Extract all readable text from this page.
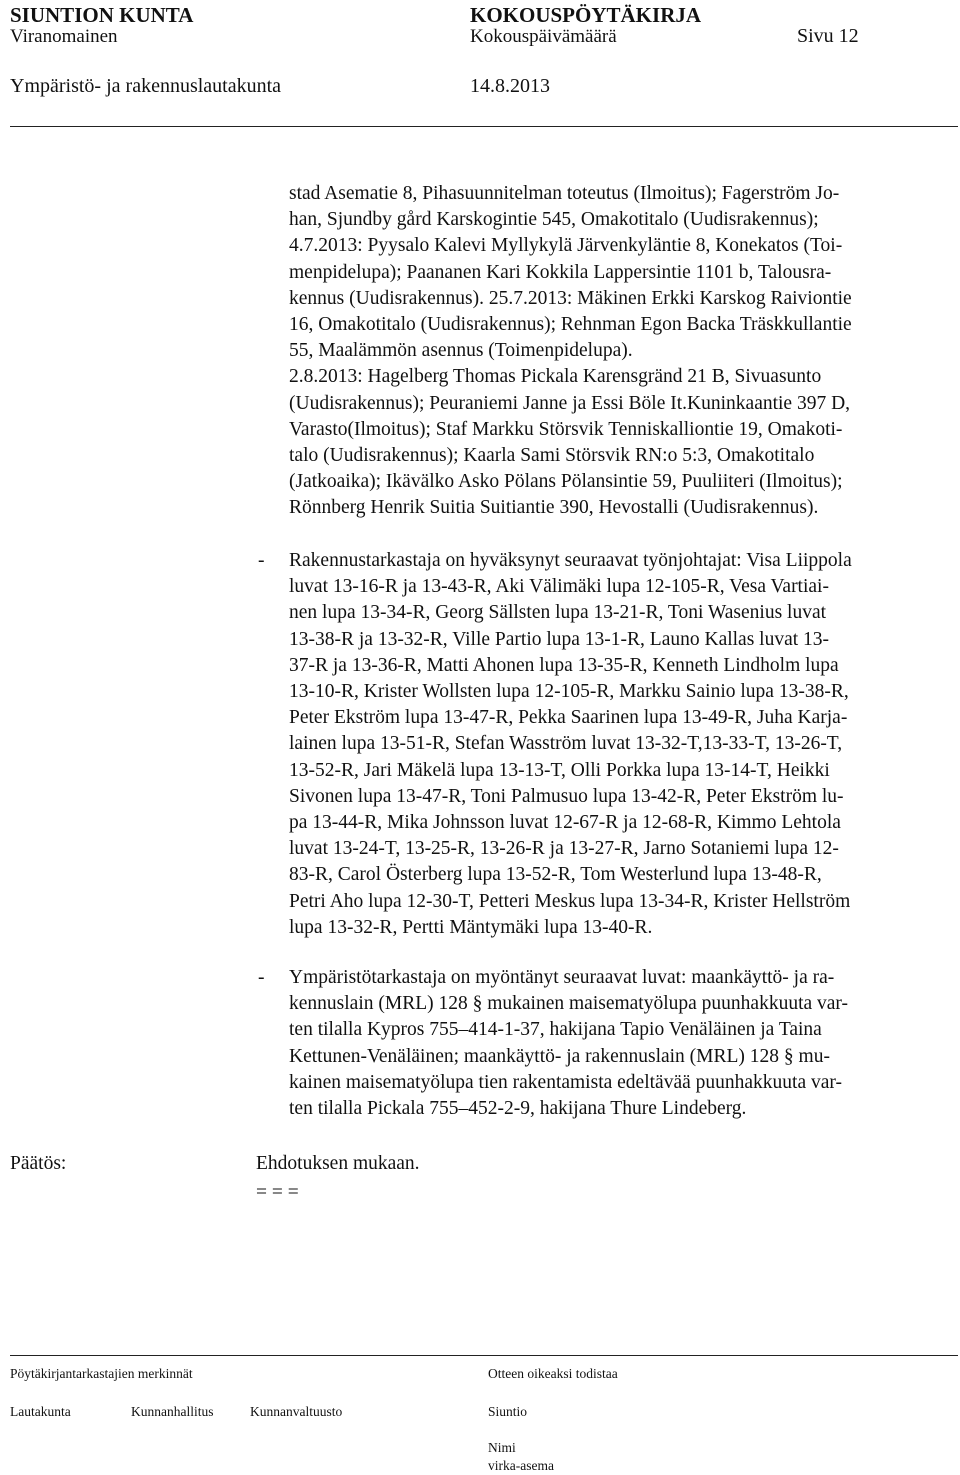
SIUNTION KUNTA	KOKOUSPÖYTÄKIRJA
Viranomainen	Kokouspäivämäärä	Sivu 12
Ympäristö- ja rakennuslautakunta	14.8.2013
stad Asematie 8, Pihasuunnitelman toteutus (Ilmoitus); Fagerström Jo-
han, Sjundby gård Karskogintie 545, Omakotitalo (Uudisrakennus);
4.7.2013: Pyysalo Kalevi Myllykylä Järvenkyläntie 8, Konekatos (Toi-
menpidelupa); Paananen Kari Kokkila Lappersintie 1101 b, Talousra-
kennus (Uudisrakennus). 25.7.2013: Mäkinen Erkki Karskog Raiviontie
16, Omakotitalo (Uudisrakennus); Rehnman Egon Backa Träskkullantie
55, Maalämmön asennus (Toimenpidelupa).
2.8.2013: Hagelberg Thomas Pickala Karensgränd 21 B, Sivuasunto
(Uudisrakennus); Peuraniemi Janne ja Essi Böle It.Kuninkaantie 397 D,
Varasto(Ilmoitus); Staf Markku Störsvik Tenniskalliontie 19, Omakoti-
talo (Uudisrakennus); Kaarla Sami Störsvik RN:o 5:3, Omakotitalo
(Jatkoaika); Ikävälko Asko Pölans Pölansintie 59, Puuliiteri (Ilmoitus);
Rönnberg Henrik Suitia Suitiantie 390, Hevostalli (Uudisrakennus).
- Rakennustarkastaja on hyväksynyt seuraavat työnjohtajat: Visa Liippola
luvat 13-16-R ja 13-43-R, Aki Välimäki lupa 12-105-R, Vesa Vartiai-
nen lupa 13-34-R, Georg Sällsten lupa 13-21-R, Toni Wasenius luvat
13-38-R ja 13-32-R, Ville Partio lupa 13-1-R, Launo Kallas luvat 13-
37-R ja 13-36-R, Matti Ahonen lupa 13-35-R, Kenneth Lindholm lupa
13-10-R, Krister Wollsten lupa 12-105-R, Markku Sainio lupa 13-38-R,
Peter Ekström lupa 13-47-R, Pekka Saarinen lupa 13-49-R, Juha Karja-
lainen lupa 13-51-R, Stefan Wasström luvat 13-32-T,13-33-T, 13-26-T,
13-52-R, Jari Mäkelä lupa 13-13-T, Olli Porkka lupa 13-14-T, Heikki
Sivonen lupa 13-47-R, Toni Palmusuo lupa 13-42-R, Peter Ekström lu-
pa 13-44-R, Mika Johnsson luvat 12-67-R ja 12-68-R, Kimmo Lehtola
luvat 13-24-T, 13-25-R, 13-26-R ja 13-27-R, Jarno Sotaniemi lupa 12-
83-R, Carol Österberg lupa 13-52-R, Tom Westerlund lupa 13-48-R,
Petri Aho lupa 12-30-T, Petteri Meskus lupa 13-34-R, Krister Hellström
lupa 13-32-R, Pertti Mäntymäki lupa 13-40-R.
- Ympäristötarkastaja on myöntänyt seuraavat luvat: maankäyttö- ja ra-
kennuslain (MRL) 128 § mukainen maisematyölupa puunhakkuuta var-
ten tilalla Kypros 755–414-1-37, hakijana Tapio Venäläinen ja Taina
Kettunen-Venäläinen; maankäyttö- ja rakennuslain (MRL) 128 § mu-
kainen maisematyölupa tien rakentamista edeltävää puunhakkuuta var-
ten tilalla Pickala 755–452-2-9, hakijana Thure Lindeberg.
Päätös:	Ehdotuksen mukaan.
= = =
Pöytäkirjantarkastajien merkinnät	Otteen oikeaksi todistaa
Lautakunta	Kunnanhallitus	Kunnanvaltuusto	Siuntio
Nimi
virka-asema
